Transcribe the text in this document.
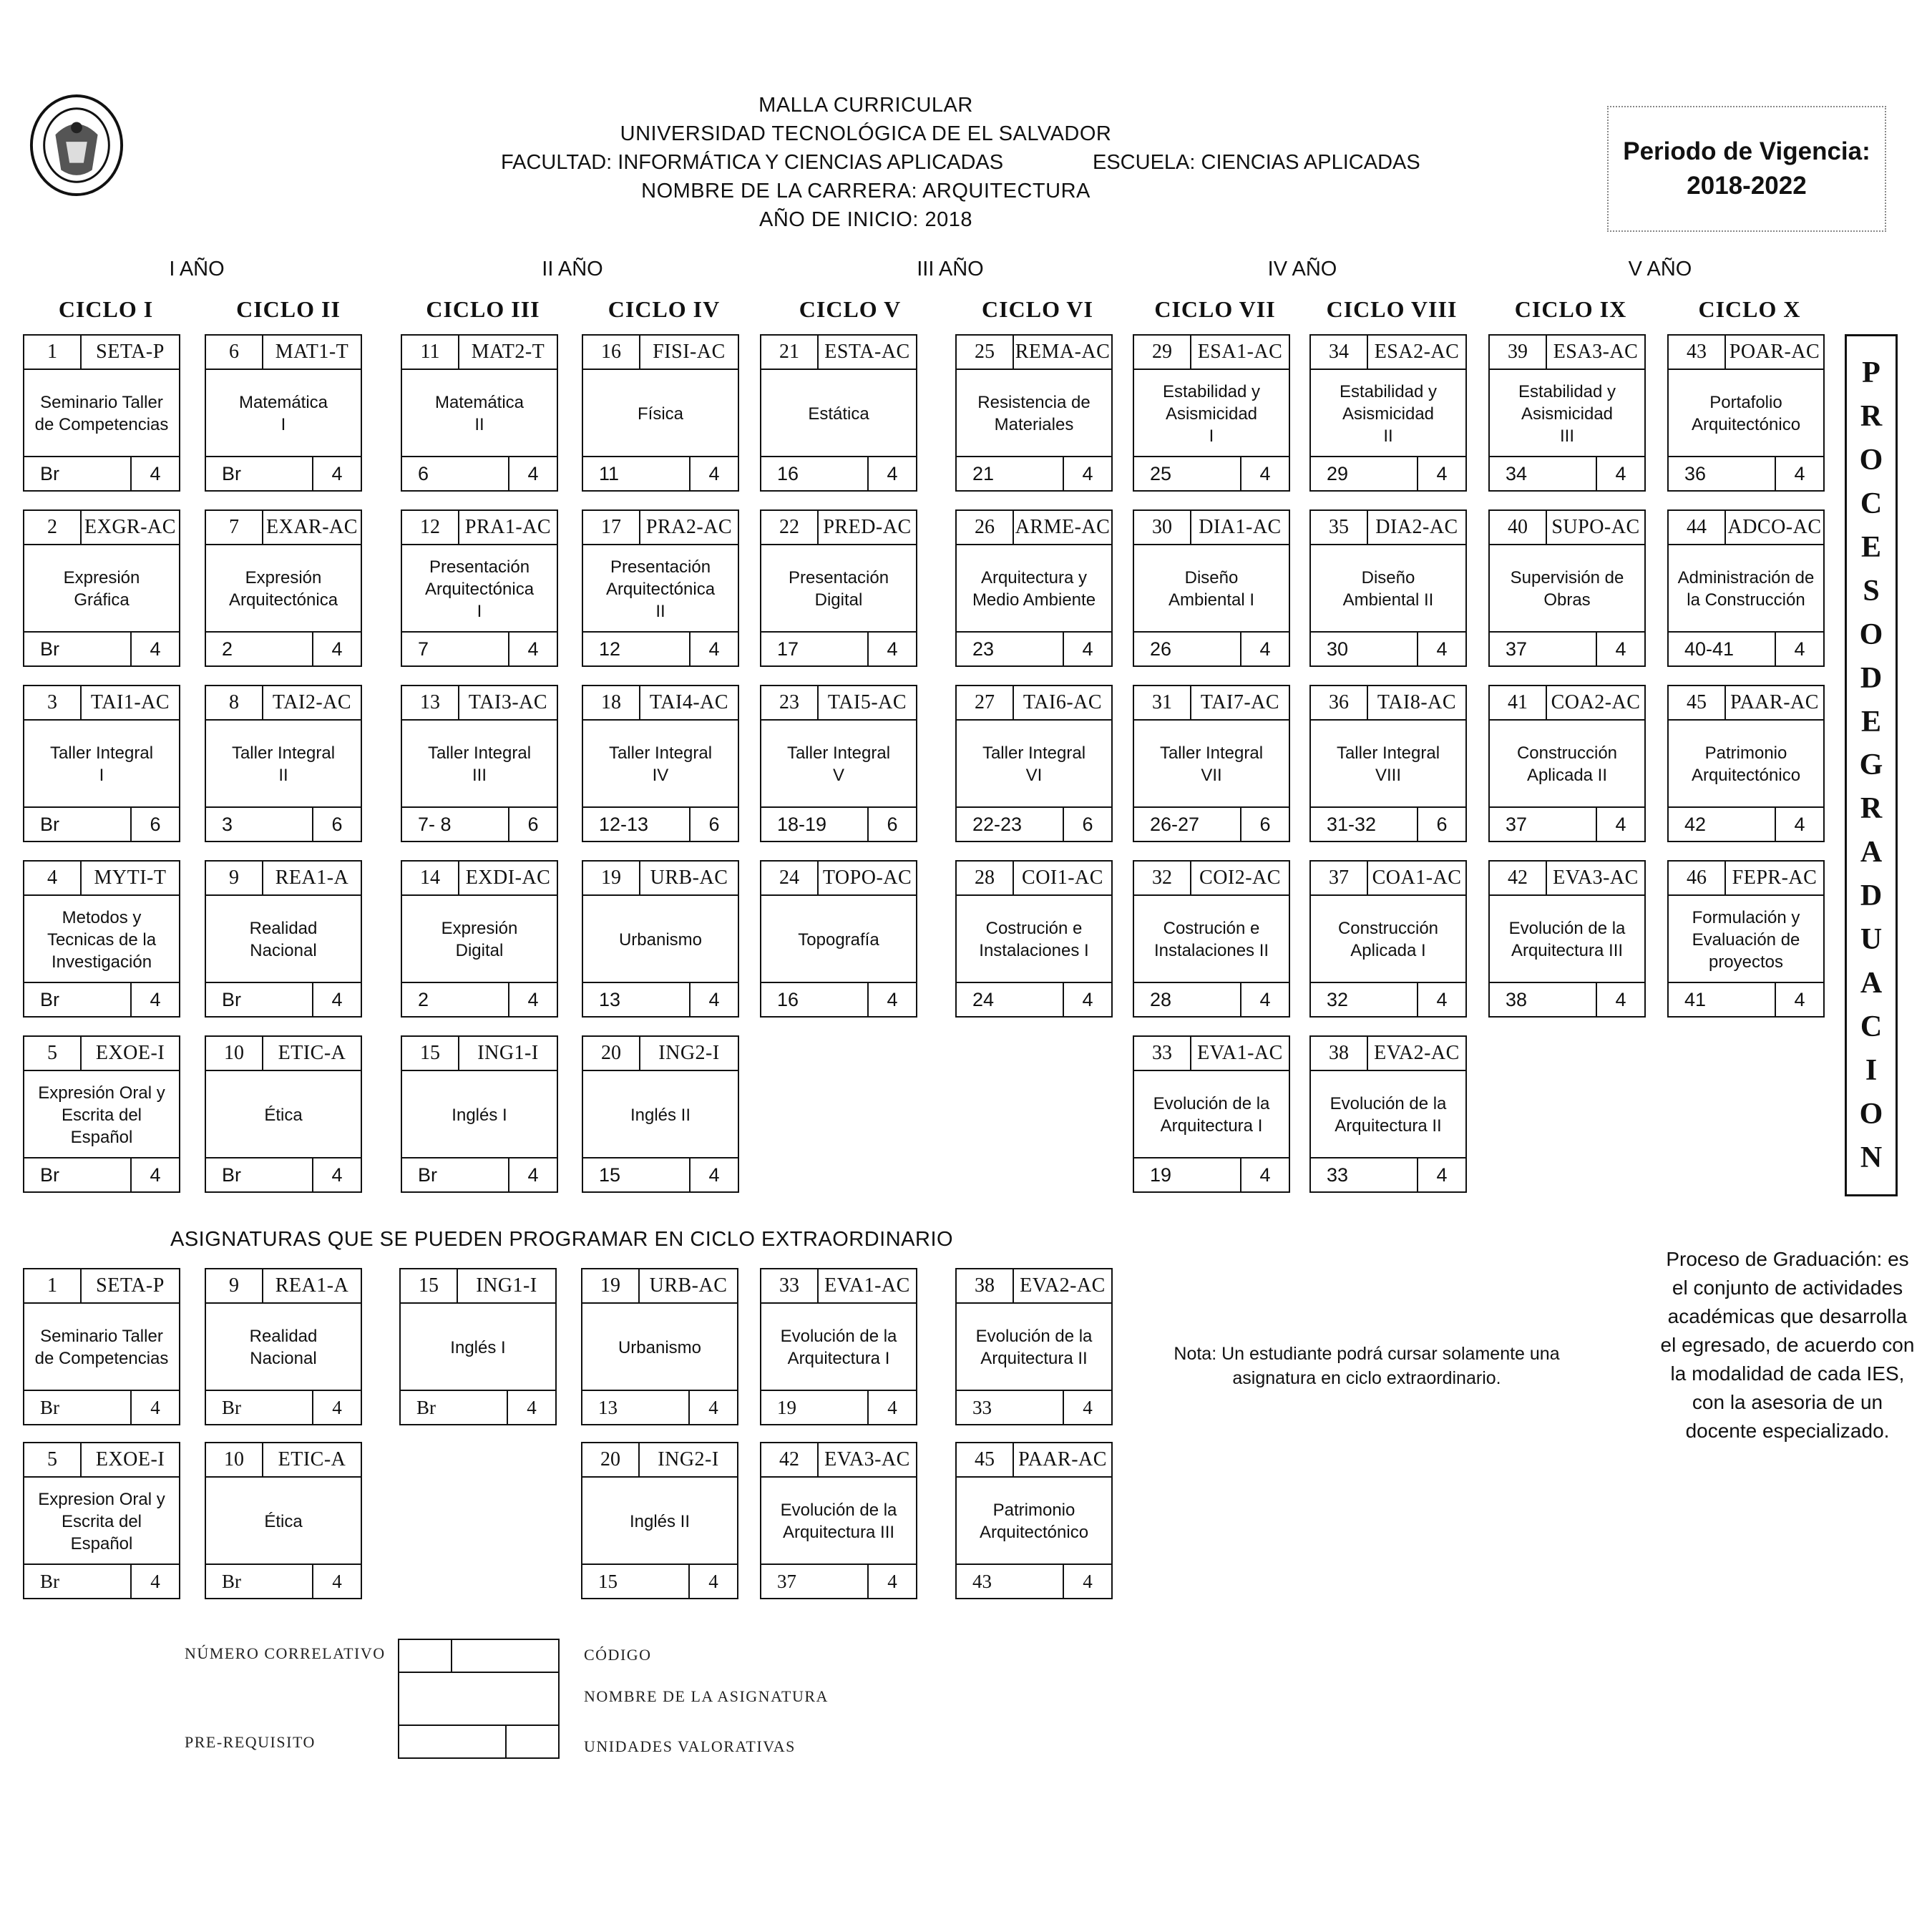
MALLA CURRICULAR
UNIVERSIDAD TECNOLÓGICA DE EL SALVADOR
FACULTAD: INFORMÁTICA Y CIENCIAS APLICADAS	ESCUELA: CIENCIAS APLICADAS
NOMBRE DE LA CARRERA: ARQUITECTURA
AÑO DE INICIO: 2018
Periodo de Vigencia:
2018-2022
I AÑO	II AÑO	III AÑO	IV AÑO	V AÑO
CICLO I	CICLO II	CICLO III	CICLO IV	CICLO V	CICLO VI	CICLO VII	CICLO VIII	CICLO IX	CICLO X
1	SETA-P
Seminario Taller
de Competencias
Br	4
2	EXGR-AC
Expresión
Gráfica
Br	4
3	TAI1-AC
Taller Integral
I
Br	6
4	MYTI-T
Metodos y
Tecnicas de la
Investigación
Br	4
5	EXOE-I
Expresión Oral y
Escrita del
Español
Br	4
6	MAT1-T
Matemática
I
Br	4
7	EXAR-AC
Expresión
Arquitectónica
2	4
8	TAI2-AC
Taller Integral
II
3	6
9	REA1-A
Realidad
Nacional
Br	4
10	ETIC-A
Ética
Br	4
11	MAT2-T
Matemática
II
6	4
12	PRA1-AC
Presentación
Arquitectónica
I
7	4
13	TAI3-AC
Taller Integral
III
7- 8	6
14	EXDI-AC
Expresión
Digital
2	4
15	ING1-I
Inglés I
Br	4
16	FISI-AC
Física
11	4
17	PRA2-AC
Presentación
Arquitectónica
II
12	4
18	TAI4-AC
Taller Integral
IV
12-13	6
19	URB-AC
Urbanismo
13	4
20	ING2-I
Inglés II
15	4
21	ESTA-AC
Estática
16	4
22	PRED-AC
Presentación Digital
17	4
23	TAI5-AC
Taller Integral
V
18-19	6
24	TOPO-AC
Topografía
16	4
25	REMA-AC
Resistencia de
Materiales
21	4
26	ARME-AC
Arquitectura y
Medio Ambiente
23	4
27	TAI6-AC
Taller Integral
VI
22-23	6
28	COI1-AC
Costrución e
Instalaciones I
24	4
29	ESA1-AC
Estabilidad y
Asismicidad
I
25	4
30	DIA1-AC
Diseño
Ambiental I
26	4
31	TAI7-AC
Taller Integral
VII
26-27	6
32	COI2-AC
Costrución e
Instalaciones II
28	4
33	EVA1-AC
Evolución de la
Arquitectura I
19	4
34	ESA2-AC
Estabilidad y
Asismicidad
II
29	4
35	DIA2-AC
Diseño
Ambiental II
30	4
36	TAI8-AC
Taller Integral
VIII
31-32	6
37	COA1-AC
Construcción
Aplicada I
32	4
38	EVA2-AC
Evolución de la
Arquitectura II
33	4
39	ESA3-AC
Estabilidad y
Asismicidad
III
34	4
40	SUPO-AC
Supervisión de
Obras
37	4
41	COA2-AC
Construcción
Aplicada II
37	4
42	EVA3-AC
Evolución de la
Arquitectura III
38	4
43	POAR-AC
Portafolio
Arquitectónico
36	4
44	ADCO-AC
Administración de
la Construcción
40-41	4
45	PAAR-AC
Patrimonio
Arquitectónico
42	4
46	FEPR-AC
Formulación y
Evaluación de
proyectos
41	4
P
R
O
C
E
S
O
D
E
G
R
A
D
U
A
C
I
O
N
ASIGNATURAS QUE SE PUEDEN PROGRAMAR EN CICLO EXTRAORDINARIO
1	SETA-P
Seminario Taller
de Competencias
Br	4
9	REA1-A
Realidad
Nacional
Br	4
15	ING1-I
Inglés I
Br	4
19	URB-AC
Urbanismo
13	4
33	EVA1-AC
Evolución de la
Arquitectura I
19	4
38	EVA2-AC
Evolución de la
Arquitectura II
33	4
5	EXOE-I
Expresion Oral y
Escrita del
Español
Br	4
10	ETIC-A
Ética
Br	4
20	ING2-I
Inglés II
15	4
42	EVA3-AC
Evolución de la
Arquitectura III
37	4
45	PAAR-AC
Patrimonio
Arquitectónico
43	4
Nota: Un estudiante podrá cursar solamente una asignatura en ciclo extraordinario.
Proceso de Graduación: es el conjunto de actividades académicas que desarrolla el egresado, de acuerdo con la modalidad de cada IES, con la asesoria de un docente especializado.
NÚMERO CORRELATIVO
PRE-REQUISITO
CÓDIGO
NOMBRE DE LA ASIGNATURA
UNIDADES VALORATIVAS
